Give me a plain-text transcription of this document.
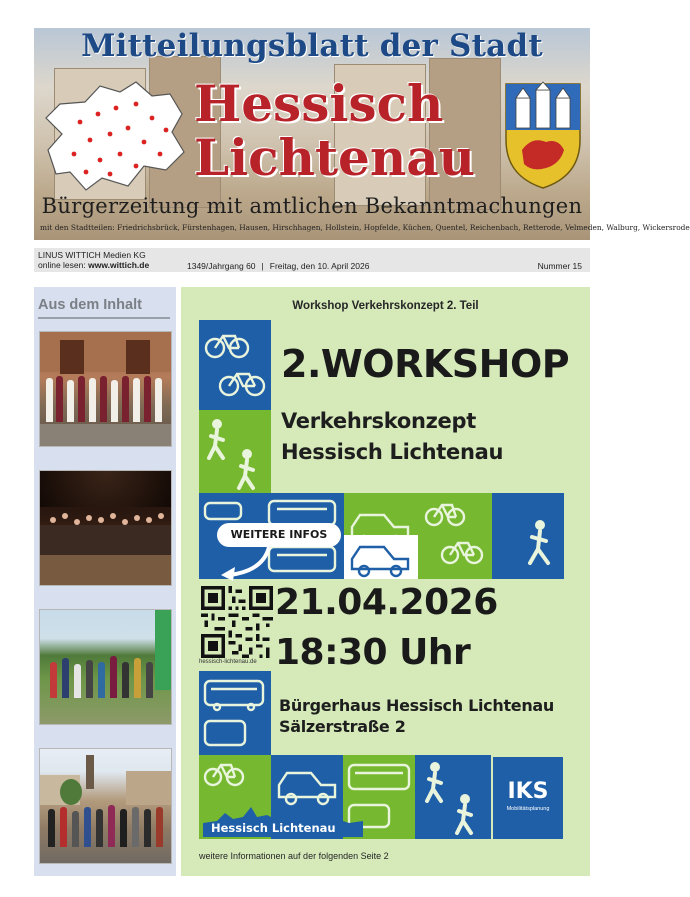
Mitteilungsblatt der Stadt
Hessisch
Lichtenau
Bürgerzeitung mit amtlichen Bekanntmachungen
mit den Stadtteilen: Friedrichsbrück, Fürstenhagen, Hausen, Hirschhagen, Hollstein, Hopfelde, Küchen, Quentel, Reichenbach, Retterode, Velmeden, Walburg, Wickersrode
LINUS WITTICH Medien KG
online lesen: www.wittich.de	1349/Jahrgang 60 | Freitag, den 10. April 2026	Nummer 15
Aus dem Inhalt	Workshop Verkehrskonzept 2. Teil
2.WORKSHOP
Verkehrskonzept
Hessisch Lichtenau
WEITERE INFOS
hessisch-lichtenau.de
21.04.2026
18:30 Uhr
Bürgerhaus Hessisch Lichtenau
Sälzerstraße 2
Hessisch Lichtenau
IKS
Mobilitätsplanung
weitere Informationen auf der folgenden Seite 2
